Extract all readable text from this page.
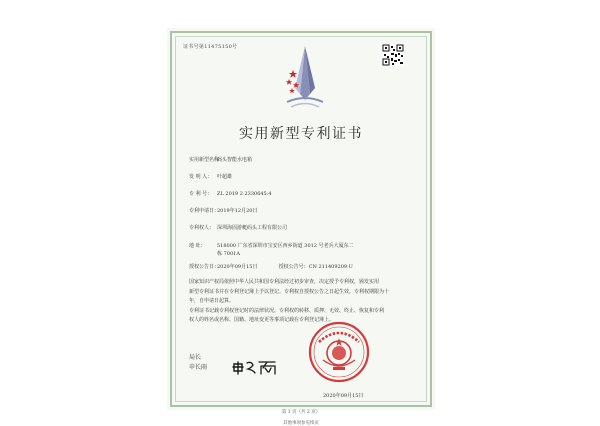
证书号第11475150号
实用新型专利证书
实用新型名称：码头智能水电箱
发 明 人： 叶超雄
专 利 号： ZL 2019 2 2330645.4
专利申请日：2019年12月20日
专利权人： 深圳海固游艇码头工程有限公司
地 址： 518000 广东省深圳市宝安区西乡街道 3012 号老兵大厦东二
栋 7001A
授权公告日：2020年09月15日	授权公告号：CN 211409209 U
国家知识产权局依照中华人民共和国专利法经过初步审查，决定授予专利权，颁发实用
新型专利证书并在专利登记簿上予以登记。专利权自授权公告之日起生效。专利权期限为十
年，自申请日起算。
专利证书记载专利权登记时的法律状况。专利权的转移、质押、无效、终止、恢复和专利
权人的姓名或名称、国籍、地址变更等事项记载在专利登记簿上。
局长
申长雨
2020年09月15日
第 1 页（共 2 页）
其他事项参见续页
